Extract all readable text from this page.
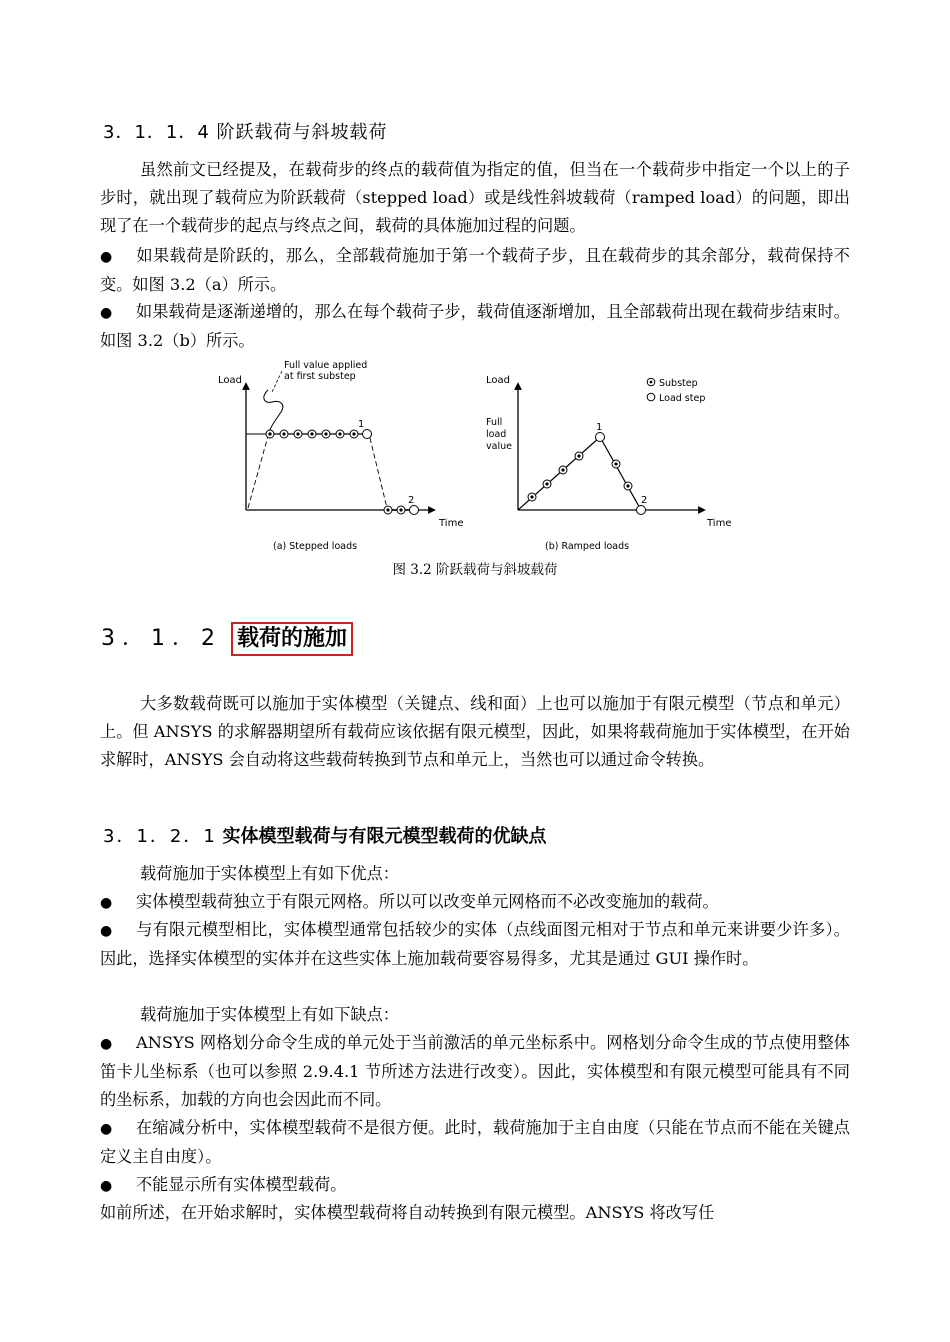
3．1．1．4 阶跃载荷与斜坡载荷
虽然前文已经提及，在载荷步的终点的载荷值为指定的值，但当在一个载荷步中指定一个以上的子步时，就出现了载荷应为阶跃载荷（stepped load）或是线性斜坡载荷（ramped load）的问题，即出现了在一个载荷步的起点与终点之间，载荷的具体施加过程的问题。
●如果载荷是阶跃的，那么，全部载荷施加于第一个载荷子步，且在载荷步的其余部分，载荷保持不变。如图 3.2（a）所示。
●如果载荷是逐渐递增的，那么在每个载荷子步，载荷值逐渐增加，且全部载荷出现在载荷步结束时。如图 3.2（b）所示。
Load
Time
Full value applied
at first substep
1
2
(a) Stepped loads
Load
Time
Full
load
value
1
2
Substep
Load step
(b) Ramped loads
图 3.2 阶跃载荷与斜坡载荷
3．1．2 载荷的施加
大多数载荷既可以施加于实体模型（关键点、线和面）上也可以施加于有限元模型（节点和单元）上。但 ANSYS 的求解器期望所有载荷应该依据有限元模型，因此，如果将载荷施加于实体模型，在开始求解时，ANSYS 会自动将这些载荷转换到节点和单元上，当然也可以通过命令转换。
3．1．2．1 实体模型载荷与有限元模型载荷的优缺点
载荷施加于实体模型上有如下优点：
●实体模型载荷独立于有限元网格。所以可以改变单元网格而不必改变施加的载荷。
●与有限元模型相比，实体模型通常包括较少的实体（点线面图元相对于节点和单元来讲要少许多）。因此，选择实体模型的实体并在这些实体上施加载荷要容易得多，尤其是通过 GUI 操作时。
载荷施加于实体模型上有如下缺点：
●ANSYS 网格划分命令生成的单元处于当前激活的单元坐标系中。网格划分命令生成的节点使用整体笛卡儿坐标系（也可以参照 2.9.4.1 节所述方法进行改变）。因此，实体模型和有限元模型可能具有不同的坐标系，加载的方向也会因此而不同。
●在缩减分析中，实体模型载荷不是很方便。此时，载荷施加于主自由度（只能在节点而不能在关键点定义主自由度）。
●不能显示所有实体模型载荷。
如前所述，在开始求解时，实体模型载荷将自动转换到有限元模型。ANSYS 将改写任
